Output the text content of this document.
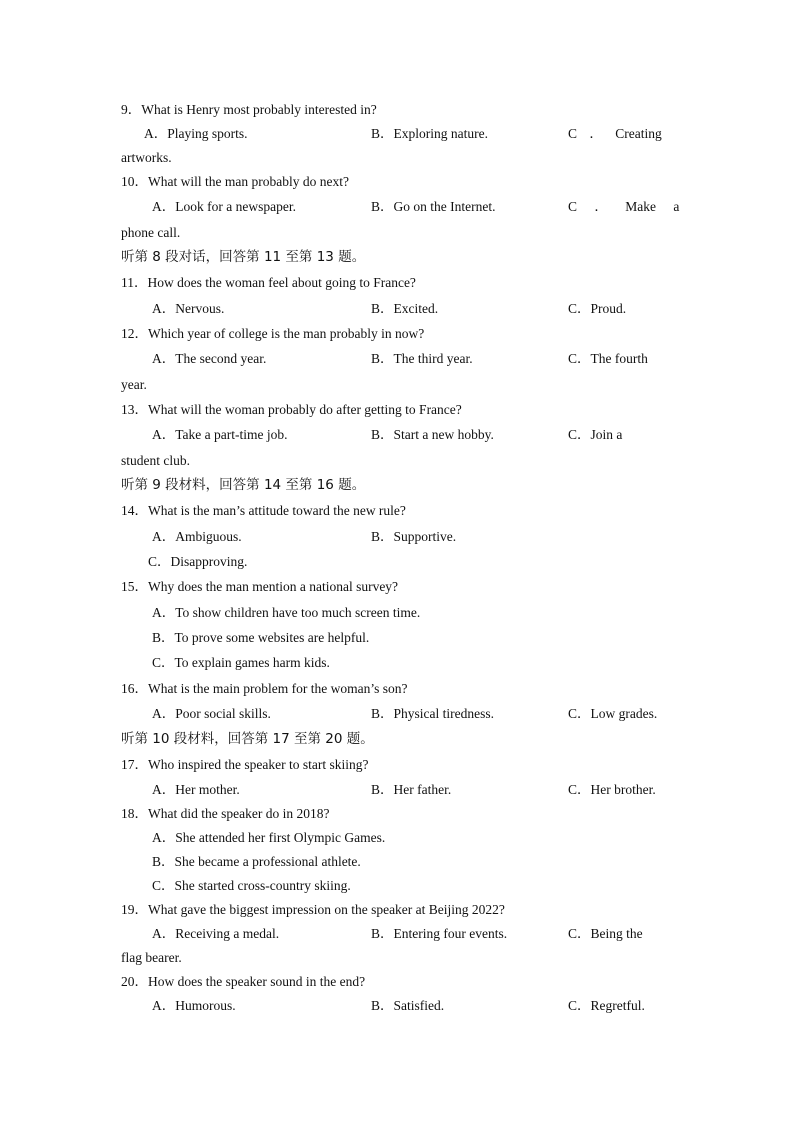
9．What is Henry most probably interested in?
A．Playing sports.	B．Exploring nature.	C ． Creating
artworks.
10．What will the man probably do next?
A．Look for a newspaper.	B．Go on the Internet.	C ． Make a
phone call.
听第 8 段对话，回答第 11 至第 13 题。
11．How does the woman feel about going to France?
A．Nervous.	B．Excited.	C．Proud.
12．Which year of college is the man probably in now?
A．The second year.	B．The third year.	C．The fourth
year.
13．What will the woman probably do after getting to France?
A．Take a part-time job.	B．Start a new hobby.	C．Join a
student club.
听第 9 段材料，回答第 14 至第 16 题。
14．What is the man’s attitude toward the new rule?
A．Ambiguous.	B．Supportive.
C．Disapproving.
15．Why does the man mention a national survey?
A．To show children have too much screen time.
B．To prove some websites are helpful.
C．To explain games harm kids.
16．What is the main problem for the woman’s son?
A．Poor social skills.	B．Physical tiredness.	C．Low grades.
听第 10 段材料，回答第 17 至第 20 题。
17．Who inspired the speaker to start skiing?
A．Her mother.	B．Her father.	C．Her brother.
18．What did the speaker do in 2018?
A．She attended her first Olympic Games.
B．She became a professional athlete.
C．She started cross-country skiing.
19．What gave the biggest impression on the speaker at Beijing 2022?
A．Receiving a medal.	B．Entering four events.	C．Being the
flag bearer.
20．How does the speaker sound in the end?
A．Humorous.	B．Satisfied.	C．Regretful.
